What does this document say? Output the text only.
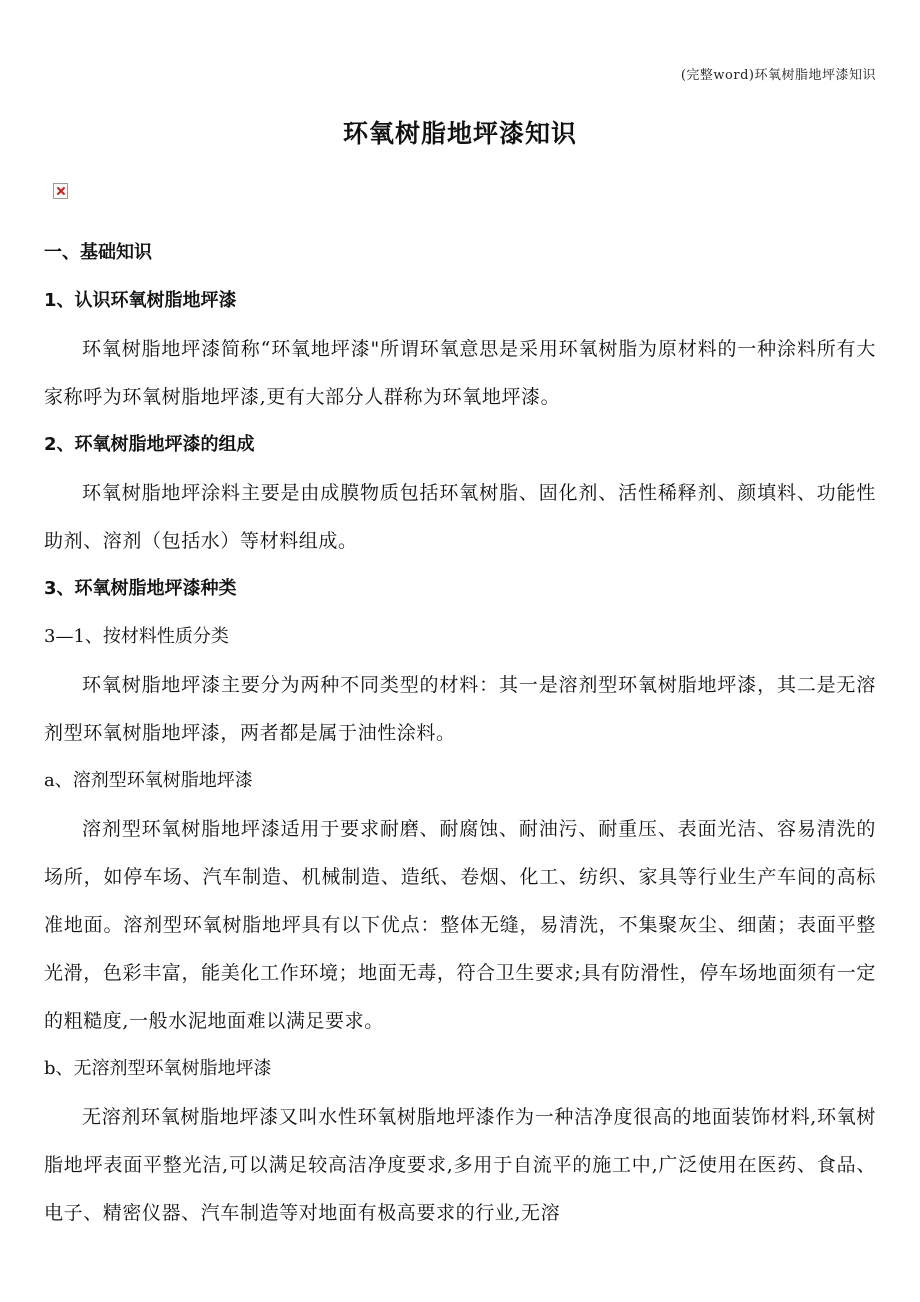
(完整word)环氧树脂地坪漆知识
环氧树脂地坪漆知识
一、基础知识
1、认识环氧树脂地坪漆
环氧树脂地坪漆简称“环氧地坪漆"所谓环氧意思是采用环氧树脂为原材料的一种涂料所有大家称呼为环氧树脂地坪漆,更有大部分人群称为环氧地坪漆。
2、环氧树脂地坪漆的组成
环氧树脂地坪涂料主要是由成膜物质包括环氧树脂、固化剂、活性稀释剂、颜填料、功能性助剂、溶剂（包括水）等材料组成。
3、环氧树脂地坪漆种类
3—1、按材料性质分类
环氧树脂地坪漆主要分为两种不同类型的材料：其一是溶剂型环氧树脂地坪漆，其二是无溶剂型环氧树脂地坪漆，两者都是属于油性涂料。
a、溶剂型环氧树脂地坪漆
溶剂型环氧树脂地坪漆适用于要求耐磨、耐腐蚀、耐油污、耐重压、表面光洁、容易清洗的场所，如停车场、汽车制造、机械制造、造纸、卷烟、化工、纺织、家具等行业生产车间的高标准地面。溶剂型环氧树脂地坪具有以下优点：整体无缝，易清洗，不集聚灰尘、细菌；表面平整光滑，色彩丰富，能美化工作环境；地面无毒，符合卫生要求;具有防滑性，停车场地面须有一定的粗糙度,一般水泥地面难以满足要求。
b、无溶剂型环氧树脂地坪漆
无溶剂环氧树脂地坪漆又叫水性环氧树脂地坪漆作为一种洁净度很高的地面装饰材料,环氧树脂地坪表面平整光洁,可以满足较高洁净度要求,多用于自流平的施工中,广泛使用在医药、食品、电子、精密仪器、汽车制造等对地面有极高要求的行业,无溶
